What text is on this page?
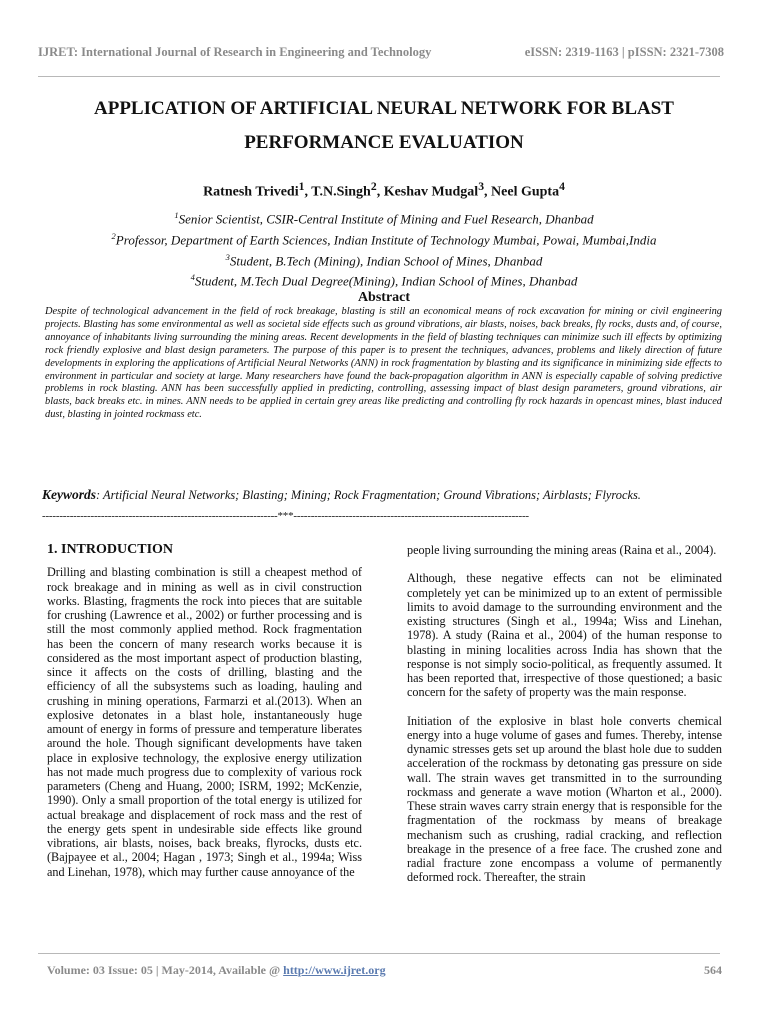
IJRET: International Journal of Research in Engineering and Technology	eISSN: 2319-1163 | pISSN: 2321-7308
APPLICATION OF ARTIFICIAL NEURAL NETWORK FOR BLAST
PERFORMANCE EVALUATION
Ratnesh Trivedi$^1$, T.N.Singh$^2$, Keshav Mudgal$^3$, Neel Gupta$^4$
$^1$Senior Scientist, CSIR-Central Institute of Mining and Fuel Research, Dhanbad
$^2$Professor, Department of Earth Sciences, Indian Institute of Technology Mumbai, Powai, Mumbai,India
$^3$Student, B.Tech (Mining), Indian School of Mines, Dhanbad
$^4$Student, M.Tech Dual Degree(Mining), Indian School of Mines, Dhanbad
Abstract
Despite of technological advancement in the field of rock breakage, blasting is still an economical means of rock excavation for mining or civil engineering projects. Blasting has some environmental as well as societal side effects such as ground vibrations, air blasts, noises, back breaks, fly rocks, dusts and, of course, annoyance of inhabitants living surrounding the mining areas. Recent developments in the field of blasting techniques can minimize such ill effects by optimizing rock friendly explosive and blast design parameters. The purpose of this paper is to present the techniques, advances, problems and likely direction of future developments in exploring the applications of Artificial Neural Networks (ANN) in rock fragmentation by blasting and its significance in minimizing side effects to environment in particular and society at large. Many researchers have found the back-propagation algorithm in ANN is especially capable of solving predictive problems in rock blasting. ANN has been successfully applied in predicting, controlling, assessing impact of blast design parameters, ground vibrations, air blasts, back breaks etc. in mines. ANN needs to be applied in certain grey areas like predicting and controlling fly rock hazards in opencast mines, blast induced dust, blasting in jointed rockmass etc.
Keywords: Artificial Neural Networks; Blasting; Mining; Rock Fragmentation; Ground Vibrations; Airblasts; Flyrocks.
--------------------------------------------------------------------***--------------------------------------------------------------------
1. INTRODUCTION

Drilling and blasting combination is still a cheapest method of rock breakage and in mining as well as in civil construction works. Blasting, fragments the rock into pieces that are suitable for crushing (Lawrence et al., 2002) or further processing and is still the most commonly applied method. Rock fragmentation has been the concern of many research works because it is considered as the most important aspect of production blasting, since it affects on the costs of drilling, blasting and the efficiency of all the subsystems such as loading, hauling and crushing in mining operations, Farmarzi et al.(2013). When an explosive detonates in a blast hole, instantaneously huge amount of energy in forms of pressure and temperature liberates around the hole. Though significant developments have taken place in explosive technology, the explosive energy utilization has not made much progress due to complexity of various rock parameters (Cheng and Huang, 2000; ISRM, 1992; McKenzie, 1990). Only a small proportion of the total energy is utilized for actual breakage and displacement of rock mass and the rest of the energy gets spent in undesirable side effects like ground vibrations, air blasts, noises, back breaks, flyrocks, dusts etc. (Bajpayee et al., 2004; Hagan , 1973; Singh et al., 1994a; Wiss and Linehan, 1978), which may further cause annoyance of the

people living surrounding the mining areas (Raina et al., 2004).

Although, these negative effects can not be eliminated completely yet can be minimized up to an extent of permissible limits to avoid damage to the surrounding environment and the existing structures (Singh et al., 1994a; Wiss and Linehan, 1978). A study (Raina et al., 2004) of the human response to blasting in mining localities across India has shown that the response is not simply socio-political, as frequently assumed. It has been reported that, irrespective of those questioned; a basic concern for the safety of property was the main response.

Initiation of the explosive in blast hole converts chemical energy into a huge volume of gases and fumes. Thereby, intense dynamic stresses gets set up around the blast hole due to sudden acceleration of the rockmass by detonating gas pressure on side wall. The strain waves get transmitted in to the surrounding rockmass and generate a wave motion (Wharton et al., 2000). These strain waves carry strain energy that is responsible for the fragmentation of the rockmass by means of breakage mechanism such as crushing, radial cracking, and reflection breakage in the presence of a free face. The crushed zone and radial fracture zone encompass a volume of permanently deformed rock. Thereafter, the strain

Volume: 03 Issue: 05 | May-2014, Available @ http://www.ijret.org	564
